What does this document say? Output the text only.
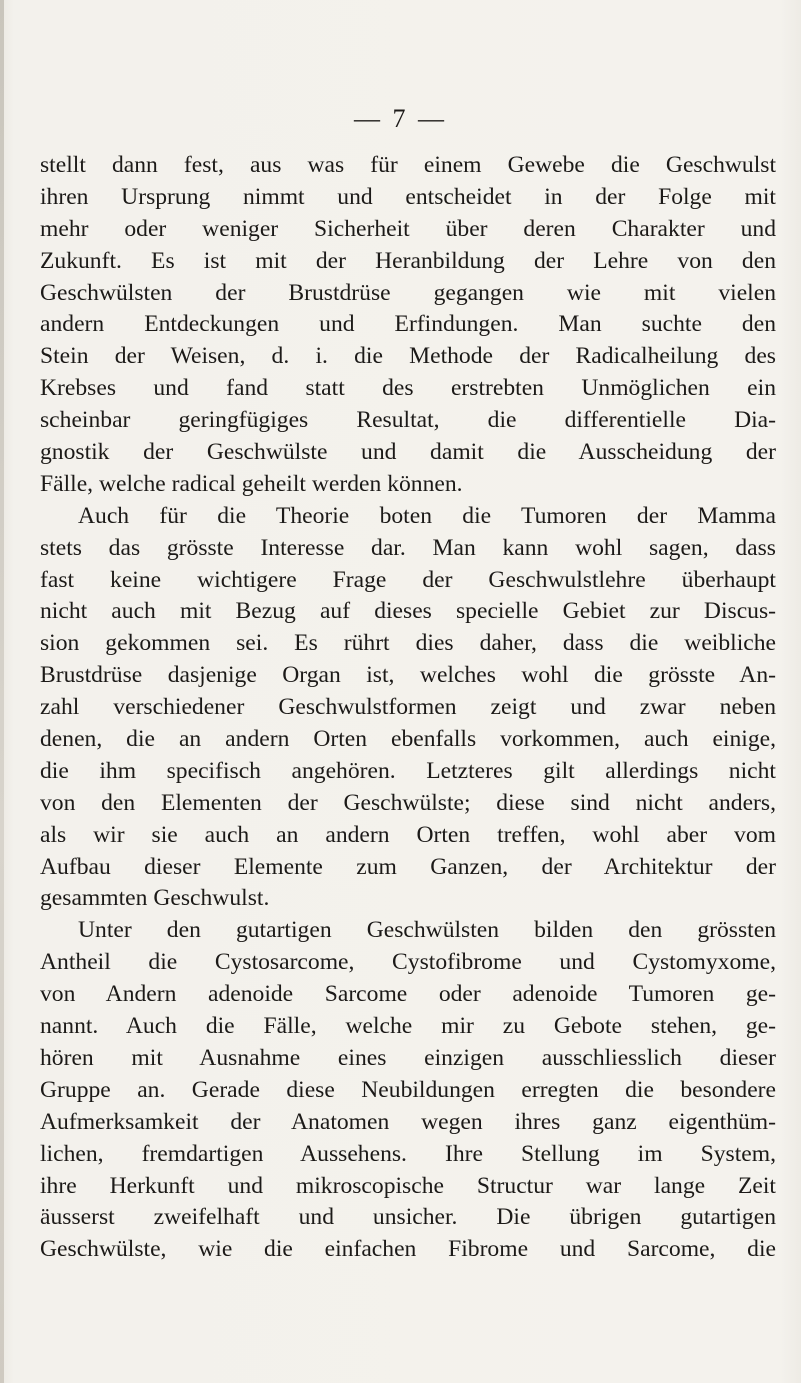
— 7 —
stellt dann fest, aus was für einem Gewebe die Geschwulst
ihren Ursprung nimmt und entscheidet in der Folge mit
mehr oder weniger Sicherheit über deren Charakter und
Zukunft. Es ist mit der Heranbildung der Lehre von den
Geschwülsten der Brustdrüse gegangen wie mit vielen
andern Entdeckungen und Erfindungen. Man suchte den
Stein der Weisen, d. i. die Methode der Radicalheilung des
Krebses und fand statt des erstrebten Unmöglichen ein
scheinbar geringfügiges Resultat, die differentielle Dia-
gnostik der Geschwülste und damit die Ausscheidung der
Fälle, welche radical geheilt werden können.
Auch für die Theorie boten die Tumoren der Mamma
stets das grösste Interesse dar. Man kann wohl sagen, dass
fast keine wichtigere Frage der Geschwulstlehre überhaupt
nicht auch mit Bezug auf dieses specielle Gebiet zur Discus-
sion gekommen sei. Es rührt dies daher, dass die weibliche
Brustdrüse dasjenige Organ ist, welches wohl die grösste An-
zahl verschiedener Geschwulstformen zeigt und zwar neben
denen, die an andern Orten ebenfalls vorkommen, auch einige,
die ihm specifisch angehören. Letzteres gilt allerdings nicht
von den Elementen der Geschwülste; diese sind nicht anders,
als wir sie auch an andern Orten treffen, wohl aber vom
Aufbau dieser Elemente zum Ganzen, der Architektur der
gesammten Geschwulst.
Unter den gutartigen Geschwülsten bilden den grössten
Antheil die Cystosarcome, Cystofibrome und Cystomyxome,
von Andern adenoide Sarcome oder adenoide Tumoren ge-
nannt. Auch die Fälle, welche mir zu Gebote stehen, ge-
hören mit Ausnahme eines einzigen ausschliesslich dieser
Gruppe an. Gerade diese Neubildungen erregten die besondere
Aufmerksamkeit der Anatomen wegen ihres ganz eigenthüm-
lichen, fremdartigen Aussehens. Ihre Stellung im System,
ihre Herkunft und mikroscopische Structur war lange Zeit
äusserst zweifelhaft und unsicher. Die übrigen gutartigen
Geschwülste, wie die einfachen Fibrome und Sarcome, die
